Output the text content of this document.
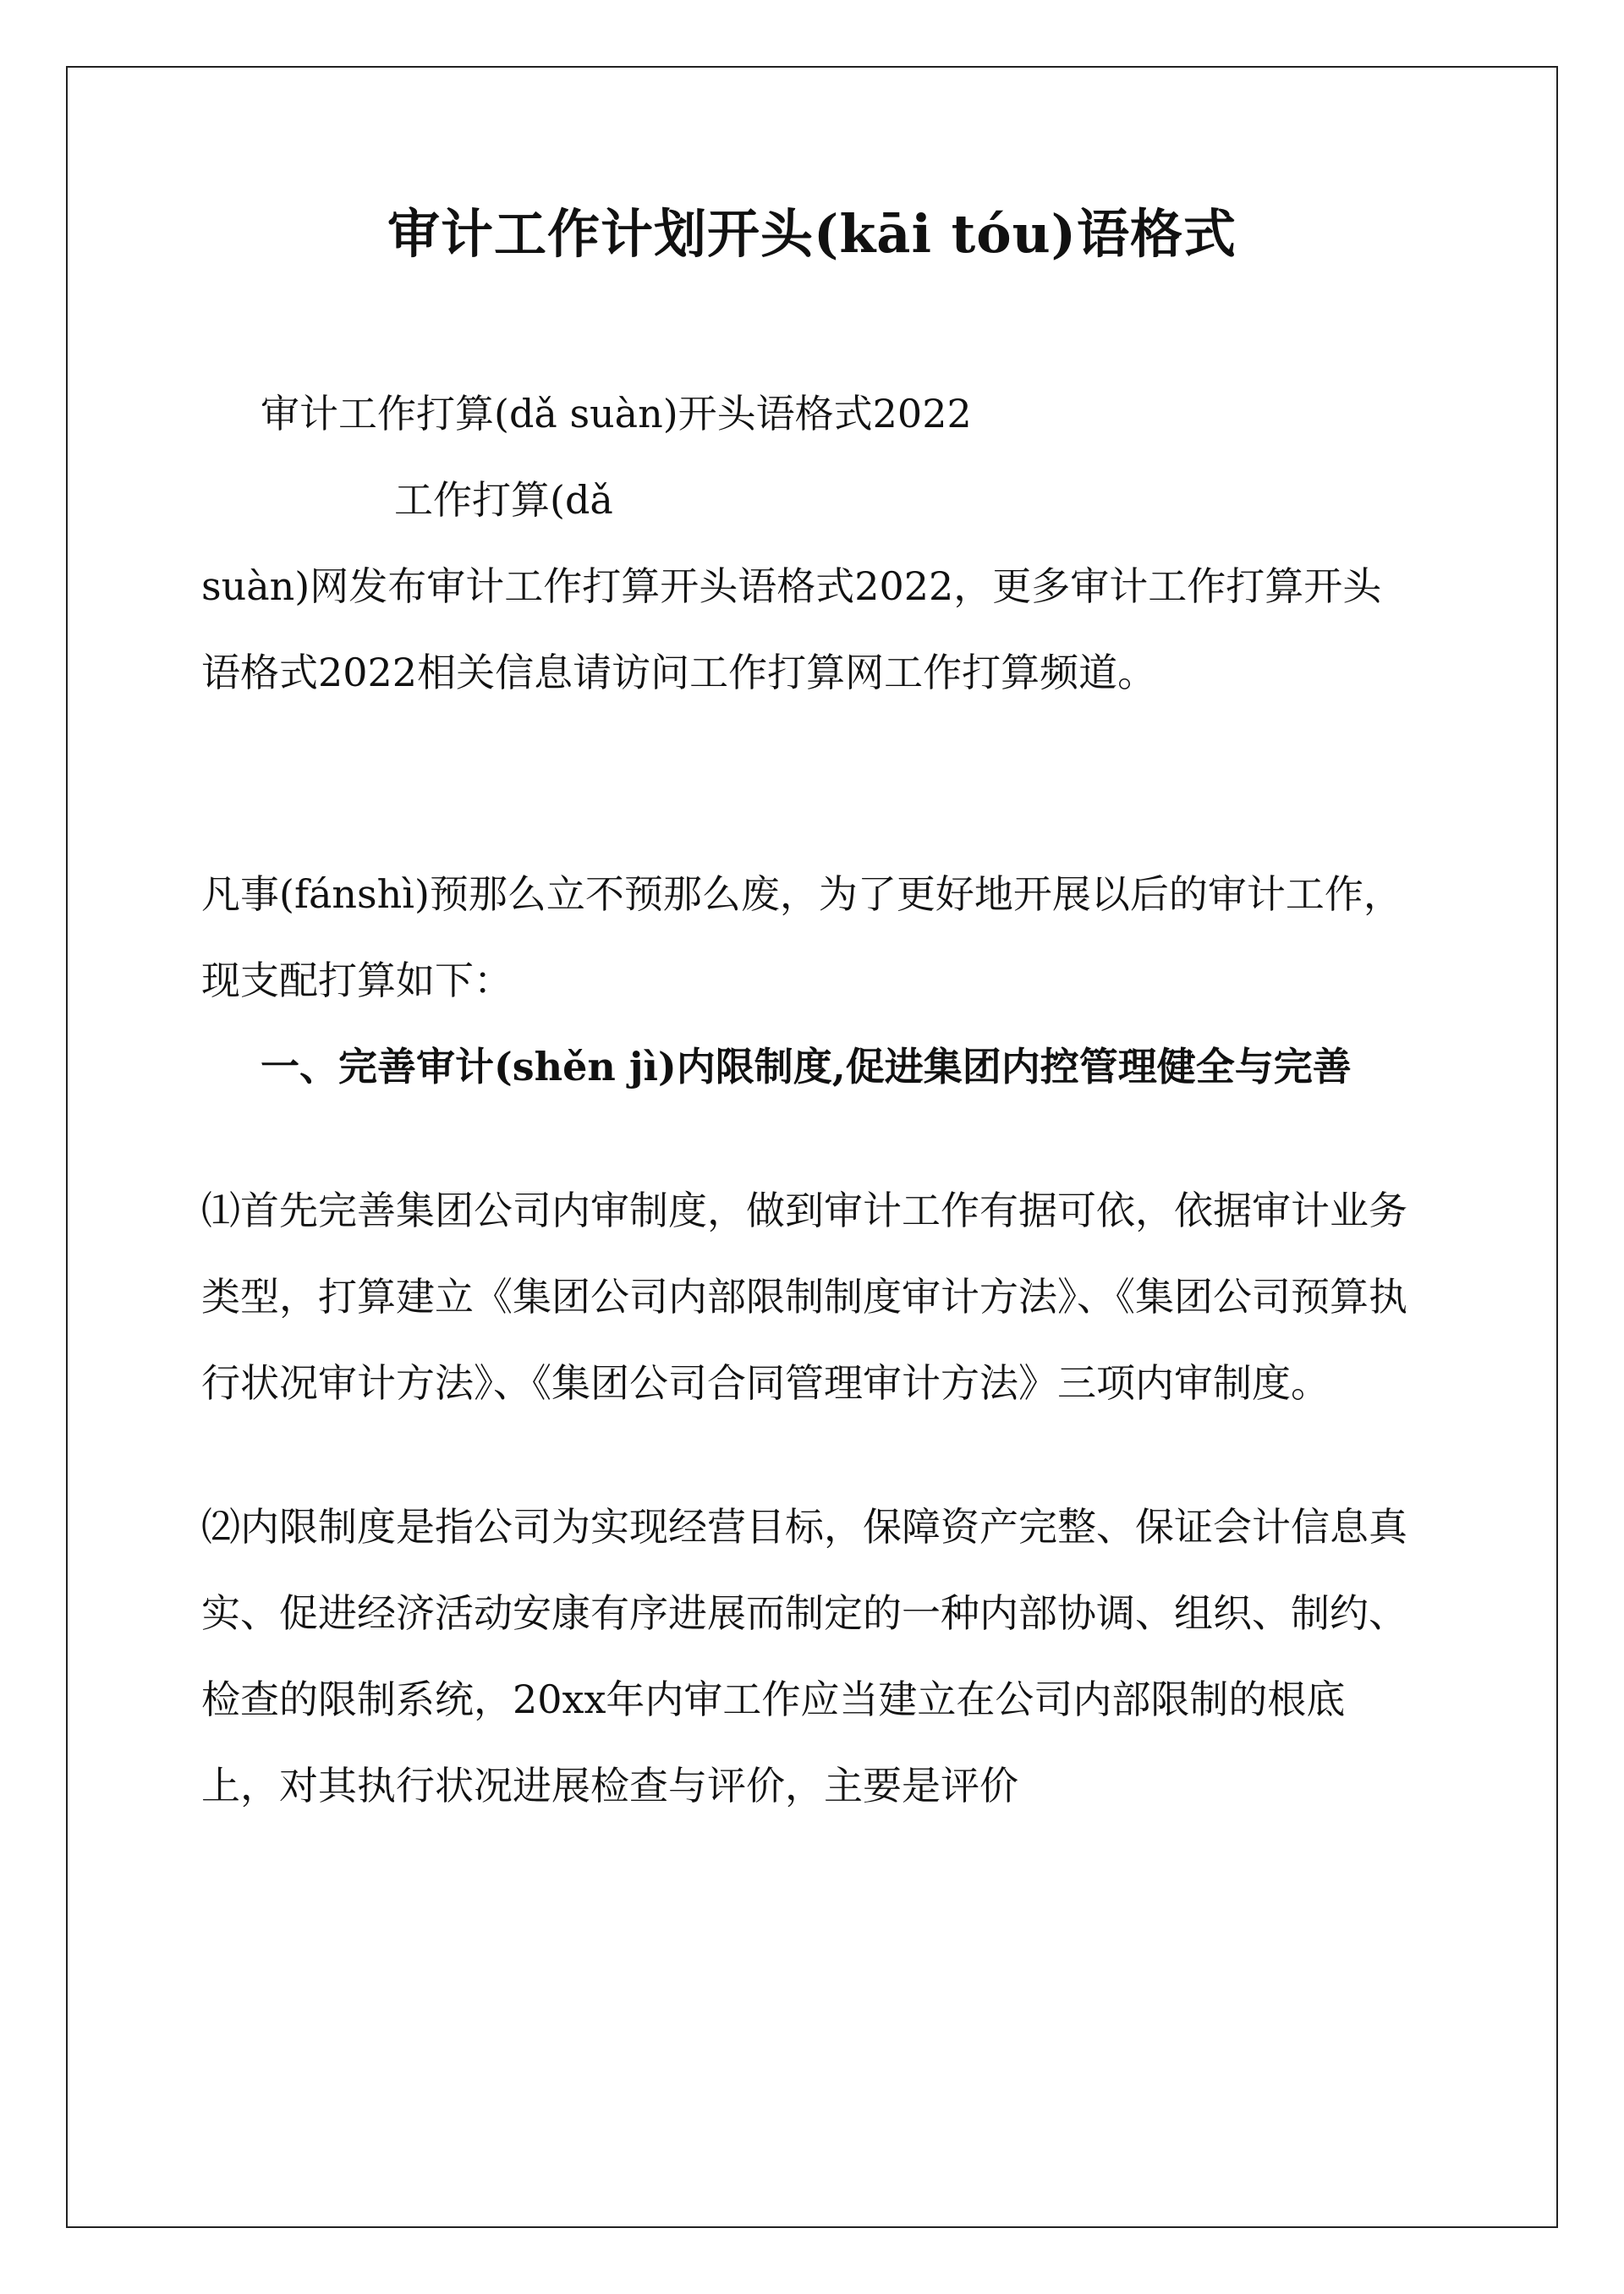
审计工作计划开头(kāi tóu)语格式

审计工作打算(dǎ suàn)开头语格式2022

工作打算(dǎ

suàn)网发布审计工作打算开头语格式2022，更多审计工作打算开头语格式2022相关信息请访问工作打算网工作打算频道。

凡事(fánshì)预那么立不预那么废，为了更好地开展以后的审计工作，现支配打算如下：

一、完善审计(shěn jì)内限制度,促进集团内控管理健全与完善

⑴首先完善集团公司内审制度，做到审计工作有据可依，依据审计业务类型，打算建立《集团公司内部限制制度审计方法》、《集团公司预算执行状况审计方法》、《集团公司合同管理审计方法》三项内审制度。

⑵内限制度是指公司为实现经营目标，保障资产完整、保证会计信息真实、促进经济活动安康有序进展而制定的一种内部协调、组织、制约、检查的限制系统，20xx年内审工作应当建立在公司内部限制的根底上，对其执行状况进展检查与评价，主要是评价
